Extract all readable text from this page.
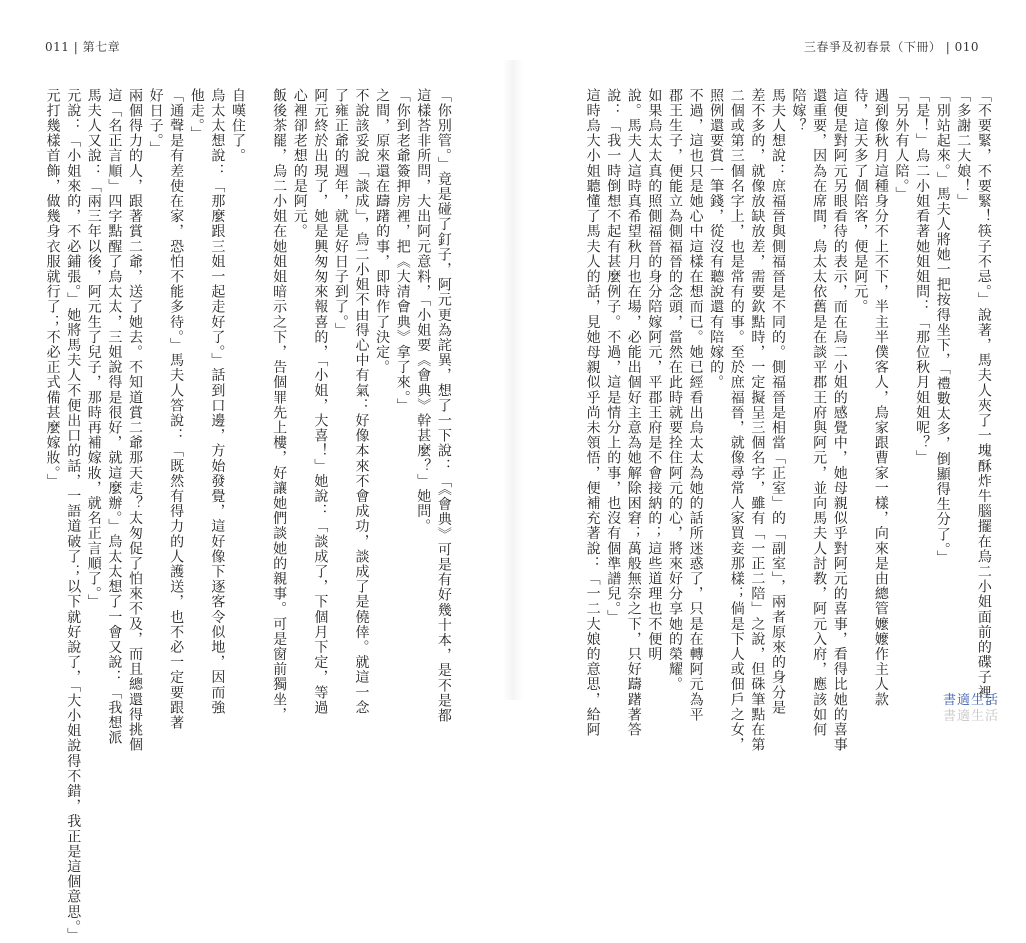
011 | 第七章	三春爭及初春景（下冊） | 010
「你別管。」竟是碰了釘子，阿元更為詫異，想了一下說：「《會典》可是有好幾十本，是不是都
這樣荅非所問，大出阿元意料，「小姐要《會典》幹甚麼？」她問。
「你到老爺簽押房裡，把《大清會典》拿了來。」
之間，原來還在躊躇的事，即時作了決定。
不說該妥說「談成」，烏二小姐不由得心中有氣：好像本來不會成功，談成了是僥倖。就這一念
了雍正爺的週年，就是好日子到了。」
阿元終於出現了，她是興匆匆來報喜的，「小姐，大喜！」她說：「談成了，下個月下定，等過
心裡卻老想的是阿元。
飯後茶罷，烏二小姐在她姐姐暗示之下，告個罪先上樓，好讓她們談她的親事。可是窗前獨坐，
自嘆住了。
烏太太想說：「那麼跟三姐一起走好了。」話到口邊，方始發覺，這好像下逐客令似地，因而強
他走。」
「通聲是有差使在家，恐怕不能多待。」馬夫人答說：「既然有得力的人護送，也不必一定要跟著
好日子。」
兩個得力的人，跟著賞二爺，送了她去。不知道賞二爺那天走？太匆促了怕來不及，而且總還得挑個
這「名正言順」四字點醒了烏太太，三姐說得是很好，就這麼辦。」烏太太想了一會又說：「我想派
馬夫人又說：「兩三年以後，阿元生了兒子，那時再補嫁妝，就名正言順了。」
元說：「小姐來的，不必鋪張。」她將馬夫人不便出口的話，一語道破了；以下就好說了，「大小姐說得不錯，我正是這個意思。」
元打幾樣首飾，做幾身衣服就行了；不必正式備甚麼嫁妝。」	「不要緊，不要緊！筷子不忌。」說著，馬夫人夾了一塊酥炸牛腦擺在烏二小姐面前的碟子裡。
「多謝二大娘！」
「別站起來。」馬夫人將她一把按得坐下，「禮數太多，倒顯得生分了。」
「是！」烏二小姐看著她姐姐問：「那位秋月姐姐呢？」
「另外有人陪。」
遇到像秋月這種身分不上不下，半主半僕客人，烏家跟曹家一樣，向來是由總管嬤嬤作主人款
待，這天多了個陪客，便是阿元。
這便是對阿元另眼看待的表示，而在烏二小姐的感覺中，她母親似乎對阿元的喜事，看得比她的喜事
還重要，因為在席間，烏太太依舊是在談平郡王府與阿元，並向馬夫人討教，阿元入府，應該如何
陪嫁？
馬夫人想說：庶福晉與側福晉是不同的。側福晉是相當「正室」的「副室」，兩者原來的身分是
差不多的，就像放缺放差，需要欽點時，一定擬呈三個名字，雖有「一正二陪」之說，但硃筆點在第
二個或第三個名字上，也是常有的事。至於庶福晉，就像尋常人家買妾那樣；倘是下人或佃戶之女，
照例還要賞一筆錢，從沒有聽說還有陪嫁的。
不過，這也只是她心中這樣在想而已。她已經看出烏太太為她的話所迷惑了，只是在轉阿元為平
郡王生子，便能立為側福晉的念頭，當然在此時就要拴住阿元的心，將來好分享她的榮耀。
如果烏太太真的照側福晉的身分陪嫁阿元，平郡王府是不會接納的；這些道理也不便明
說。馬夫人這時真希望秋月也在場，必能出個好主意為她解除困窘；萬般無奈之下，只好躊躇著答
說：「我一時倒想不起有甚麼例子。不過，這是情分上的事，也沒有個準譜兒。」
這時烏大小姐聽懂了馬夫人的話，見她母親似乎尚未領悟，便補充著說：「一二大娘的意思，給阿	書適生活
書適生活
